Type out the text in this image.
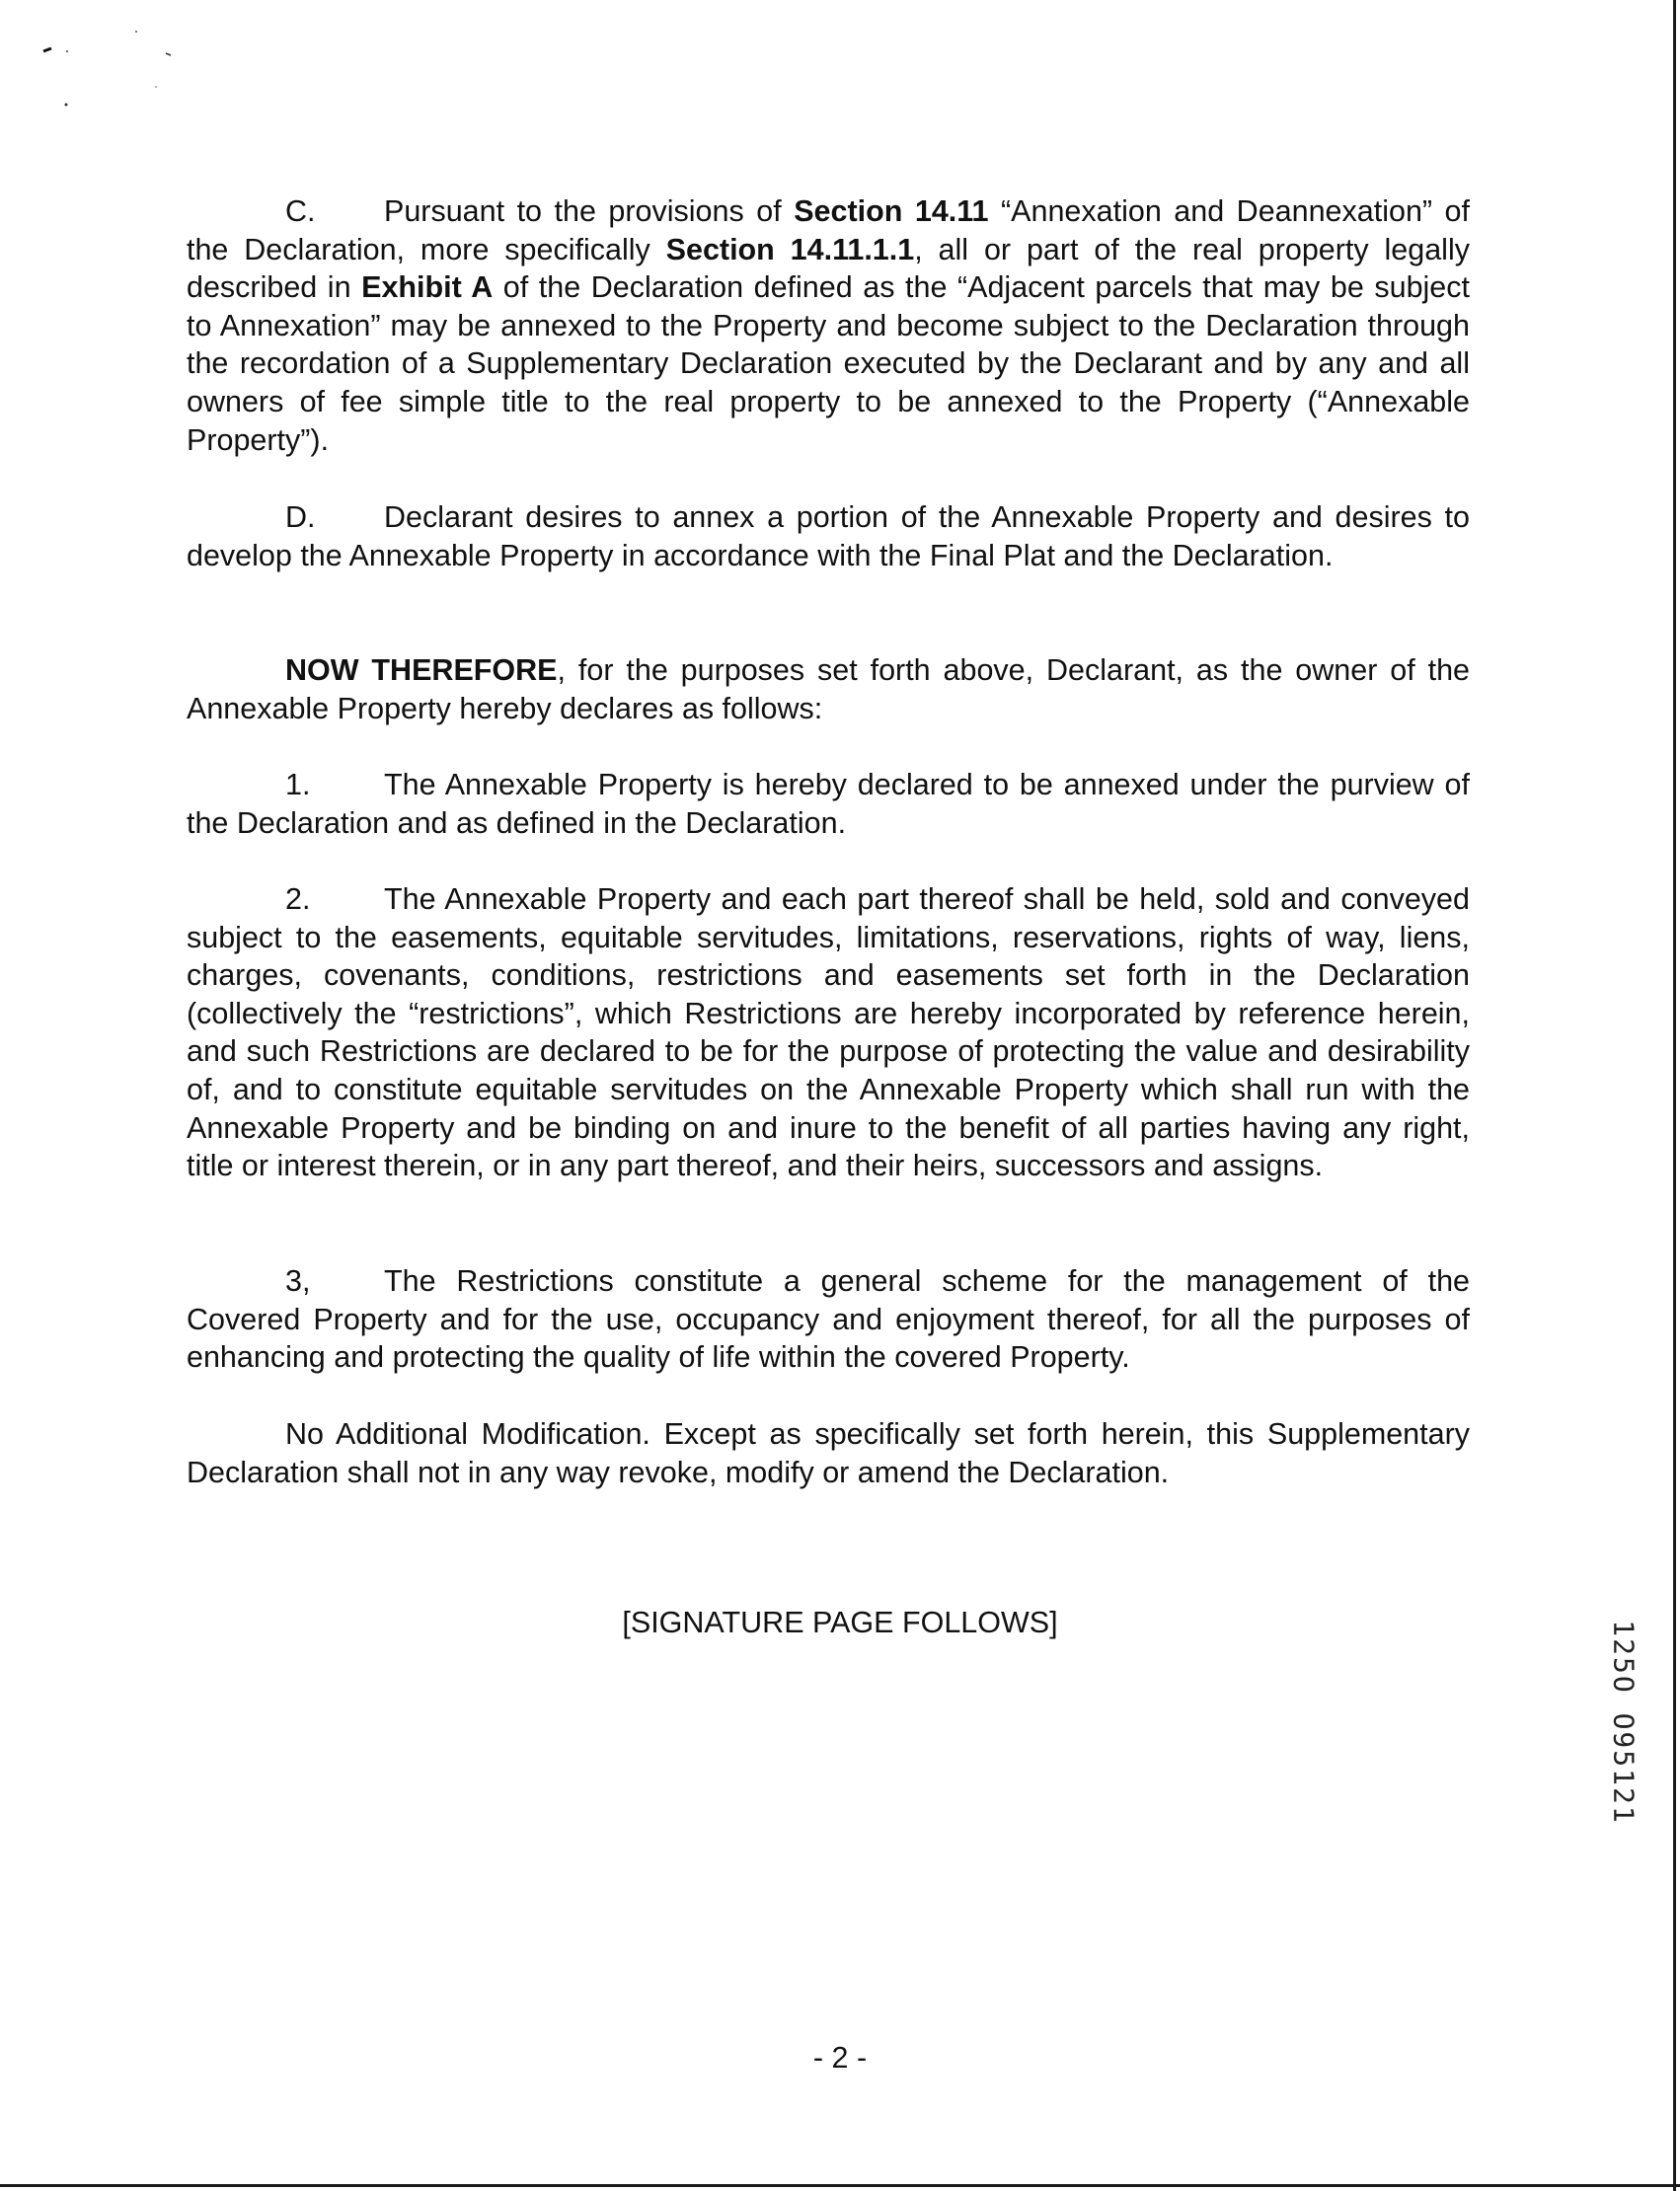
C. Pursuant to the provisions of Section 14.11 “Annexation and Deannexation” of the Declaration, more specifically Section 14.11.1.1, all or part of the real property legally described in Exhibit A of the Declaration defined as the “Adjacent parcels that may be subject to Annexation” may be annexed to the Property and become subject to the Declaration through the recordation of a Supplementary Declaration executed by the Declarant and by any and all owners of fee simple title to the real property to be annexed to the Property (“Annexable Property”).
D. Declarant desires to annex a portion of the Annexable Property and desires to develop the Annexable Property in accordance with the Final Plat and the Declaration.
NOW THEREFORE, for the purposes set forth above, Declarant, as the owner of the Annexable Property hereby declares as follows:
1. The Annexable Property is hereby declared to be annexed under the purview of the Declaration and as defined in the Declaration.
2. The Annexable Property and each part thereof shall be held, sold and conveyed subject to the easements, equitable servitudes, limitations, reservations, rights of way, liens, charges, covenants, conditions, restrictions and easements set forth in the Declaration (collectively the “restrictions”, which Restrictions are hereby incorporated by reference herein, and such Restrictions are declared to be for the purpose of protecting the value and desirability of, and to constitute equitable servitudes on the Annexable Property which shall run with the Annexable Property and be binding on and inure to the benefit of all parties having any right, title or interest therein, or in any part thereof, and their heirs, successors and assigns.
3, The Restrictions constitute a general scheme for the management of the Covered Property and for the use, occupancy and enjoyment thereof, for all the purposes of enhancing and protecting the quality of life within the covered Property.
No Additional Modification. Except as specifically set forth herein, this Supplementary Declaration shall not in any way revoke, modify or amend the Declaration.
[SIGNATURE PAGE FOLLOWS]	125O O95121
- 2 -
